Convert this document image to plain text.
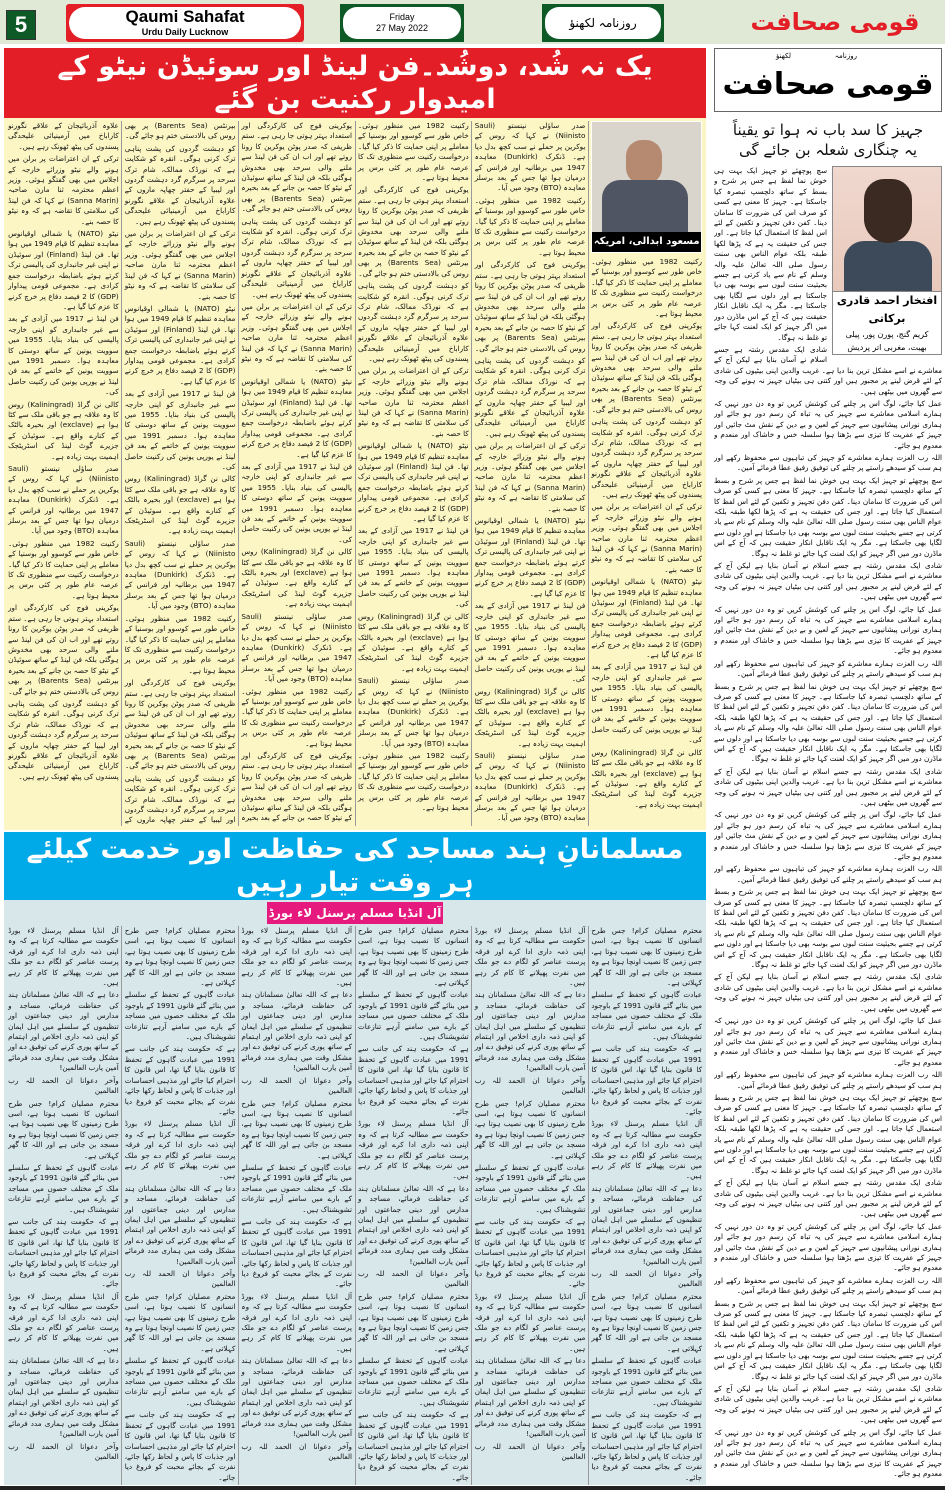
5	Qaumi Sahafat
Urdu Daily Lucknow
Friday
27 May 2022	روزنامہ لکھنؤ	قومی صحافت
یک نہ شُد، دوشُد۔فن لینڈ اور سوئیڈن نیٹو کے امیدوار رکنیت بن گئے
مسعود ابدالی، امریکہ

رکنیت 1982 میں منظور ہوئی۔ خاص طور سے کوسوو اور بوسنیا کے معاملے پر اپنی حمایت کا ذکر کیا گیا۔ درخواست رکنیت سے منظوری تک کا عرصہ عام طور پر کئی برس پر محیط ہوتا ہے۔

یوکرینی فوج کی کارکردگی اور استعداد بہتر ہوتی جا رہی ہے۔ ستم ظریفی کہ صدر پوٹن یوکرین کا رونا روتے تھے اور اب ان کی فن لینڈ سے ملنے والی سرحد بھی مخدوش ہوگئی بلکہ فن لینڈ کے ساتھ سوئیڈن کے نیٹو کا حصہ بن جانے کے بعد بحیرہ بیرنٹس (Barents Sea) پر بھی روس کی بالادستی ختم ہو جائے گی۔

کو دہشت گردوں کی پشت پناہی ترک کرنی ہوگی۔ انقرہ کو شکایت ہے کہ نورڈک ممالک، شام ترک سرحد پر سرگرم گرد دہشت گردوں اور لیبیا کے حفتر چھاپہ ماروں کے علاوہ آذربائیجان کے علاقے نگورنو کاراباخ میں آرمینیائی علیحدگی پسندوں کی پیٹھ ٹھونک رہے ہیں۔

ترکی کے ان اعتراضات پر برلن میں ہونے والے نیٹو وزرائے خارجہ کے اجلاس میں بھی گفتگو ہوئی۔ وزیر اعظم محترمہ ثنا مارن صاحبہ (Sanna Marin) نے کہا کہ فن لینڈ کی سلامتی کا تقاضہ ہے کہ وہ نیٹو کا حصہ بنے۔

نیٹو (NATO) یا شمالی اوقیانوس معاہدہ تنظیم کا قیام 1949 میں ہوا تھا۔ فن لینڈ (Finland) اور سوئیڈن نے اپنی غیر جانبداری کی پالیسی ترک کرتے ہوئے باضابطہ درخواست جمع کرادی ہے۔ مجموعی قومی پیداوار (GDP) کا 2 فیصد دفاع پر خرچ کرنے کا عزم کیا گیا ہے۔

فن لینڈ نے 1917 میں آزادی کے بعد سے غیر جانبداری کو اپنی خارجہ پالیسی کی بنیاد بنایا۔ 1955 میں سوویت یونین کے ساتھ دوستی کا معاہدہ ہوا۔ دسمبر 1991 میں سوویت یونین کے خاتمے کے بعد فن لینڈ نے یورپی یونین کی رکنیت حاصل کی۔

کالی نن گراڈ (Kaliningrad) روس کا وہ علاقہ ہے جو باقی ملک سے کٹا ہوا ہے (exclave) اور بحیرہ بالٹک کے کنارے واقع ہے۔ سوئیڈن کے جزیرے گوٹ لینڈ کی اسٹریٹجک اہمیت بہت زیادہ ہے۔

صدر ساؤلی نینستو (Sauli Niinisto) نے کہا کہ روس کے یوکرین پر حملے نے سب کچھ بدل دیا ہے۔ ڈنکرک (Dunkirk) معاہدہ 1947 میں برطانیہ اور فرانس کے درمیان ہوا تھا جس کے بعد برسلز معاہدہ (BTO) وجود میں آیا۔

رکنیت 1982 میں منظور ہوئی۔ خاص طور سے کوسوو اور بوسنیا کے معاملے پر اپنی حمایت کا ذکر کیا گیا۔ درخواست رکنیت سے منظوری تک کا عرصہ عام طور پر کئی برس پر محیط ہوتا ہے۔

یوکرینی فوج کی کارکردگی اور استعداد بہتر ہوتی جا رہی ہے۔ ستم ظریفی کہ صدر پوٹن یوکرین کا رونا روتے تھے اور اب ان کی فن لینڈ سے ملنے والی سرحد بھی مخدوش ہوگئی بلکہ فن لینڈ کے ساتھ سوئیڈن کے نیٹو کا حصہ بن جانے کے بعد بحیرہ بیرنٹس (Barents Sea) پر بھی روس کی بالادستی ختم ہو جائے گی۔

کو دہشت گردوں کی پشت پناہی ترک کرنی ہوگی۔ انقرہ کو شکایت ہے کہ نورڈک ممالک، شام ترک سرحد پر سرگرم گرد دہشت گردوں اور لیبیا کے حفتر چھاپہ ماروں کے علاوہ آذربائیجان کے علاقے نگورنو کاراباخ میں آرمینیائی علیحدگی پسندوں کی پیٹھ ٹھونک رہے ہیں۔

ترکی کے ان اعتراضات پر برلن میں ہونے والے نیٹو وزرائے خارجہ کے اجلاس میں بھی گفتگو ہوئی۔ وزیر اعظم محترمہ ثنا مارن صاحبہ (Sanna Marin) نے کہا کہ فن لینڈ کی سلامتی کا تقاضہ ہے کہ وہ نیٹو کا حصہ بنے۔

نیٹو (NATO) یا شمالی اوقیانوس معاہدہ تنظیم کا قیام 1949 میں ہوا تھا۔ فن لینڈ (Finland) اور سوئیڈن نے اپنی غیر جانبداری کی پالیسی ترک کرتے ہوئے باضابطہ درخواست جمع کرادی ہے۔ مجموعی قومی پیداوار (GDP) کا 2 فیصد دفاع پر خرچ کرنے کا عزم کیا گیا ہے۔

فن لینڈ نے 1917 میں آزادی کے بعد سے غیر جانبداری کو اپنی خارجہ پالیسی کی بنیاد بنایا۔ 1955 میں سوویت یونین کے ساتھ دوستی کا معاہدہ ہوا۔ دسمبر 1991 میں سوویت یونین کے خاتمے کے بعد فن لینڈ نے یورپی یونین کی رکنیت حاصل کی۔

کالی نن گراڈ (Kaliningrad) روس کا وہ علاقہ ہے جو باقی ملک سے کٹا ہوا ہے (exclave) اور بحیرہ بالٹک کے کنارے واقع ہے۔ سوئیڈن کے جزیرے گوٹ لینڈ کی اسٹریٹجک اہمیت بہت زیادہ ہے۔

صدر ساؤلی نینستو (Sauli Niinisto) نے کہا کہ روس کے یوکرین پر حملے نے سب کچھ بدل دیا ہے۔ ڈنکرک (Dunkirk) معاہدہ 1947 میں برطانیہ اور فرانس کے درمیان ہوا تھا جس کے بعد برسلز معاہدہ (BTO) وجود میں آیا۔

رکنیت 1982 میں منظور ہوئی۔ خاص طور سے کوسوو اور بوسنیا کے معاملے پر اپنی حمایت کا ذکر کیا گیا۔ درخواست رکنیت سے منظوری تک کا عرصہ عام طور پر کئی برس پر محیط ہوتا ہے۔

یوکرینی فوج کی کارکردگی اور استعداد بہتر ہوتی جا رہی ہے۔ ستم ظریفی کہ صدر پوٹن یوکرین کا رونا روتے تھے اور اب ان کی فن لینڈ سے ملنے والی سرحد بھی مخدوش ہوگئی بلکہ فن لینڈ کے ساتھ سوئیڈن کے نیٹو کا حصہ بن جانے کے بعد بحیرہ بیرنٹس (Barents Sea) پر بھی روس کی بالادستی ختم ہو جائے گی۔

کو دہشت گردوں کی پشت پناہی ترک کرنی ہوگی۔ انقرہ کو شکایت ہے کہ نورڈک ممالک، شام ترک سرحد پر سرگرم گرد دہشت گردوں اور لیبیا کے حفتر چھاپہ ماروں کے علاوہ آذربائیجان کے علاقے نگورنو کاراباخ میں آرمینیائی علیحدگی پسندوں کی پیٹھ ٹھونک رہے ہیں۔

ترکی کے ان اعتراضات پر برلن میں ہونے والے نیٹو وزرائے خارجہ کے اجلاس میں بھی گفتگو ہوئی۔ وزیر اعظم محترمہ ثنا مارن صاحبہ (Sanna Marin) نے کہا کہ فن لینڈ کی سلامتی کا تقاضہ ہے کہ وہ نیٹو کا حصہ بنے۔

نیٹو (NATO) یا شمالی اوقیانوس معاہدہ تنظیم کا قیام 1949 میں ہوا تھا۔ فن لینڈ (Finland) اور سوئیڈن نے اپنی غیر جانبداری کی پالیسی ترک کرتے ہوئے باضابطہ درخواست جمع کرادی ہے۔ مجموعی قومی پیداوار (GDP) کا 2 فیصد دفاع پر خرچ کرنے کا عزم کیا گیا ہے۔

فن لینڈ نے 1917 میں آزادی کے بعد سے غیر جانبداری کو اپنی خارجہ پالیسی کی بنیاد بنایا۔ 1955 میں سوویت یونین کے ساتھ دوستی کا معاہدہ ہوا۔ دسمبر 1991 میں سوویت یونین کے خاتمے کے بعد فن لینڈ نے یورپی یونین کی رکنیت حاصل کی۔

کالی نن گراڈ (Kaliningrad) روس کا وہ علاقہ ہے جو باقی ملک سے کٹا ہوا ہے (exclave) اور بحیرہ بالٹک کے کنارے واقع ہے۔ سوئیڈن کے جزیرے گوٹ لینڈ کی اسٹریٹجک اہمیت بہت زیادہ ہے۔

صدر ساؤلی نینستو (Sauli Niinisto) نے کہا کہ روس کے یوکرین پر حملے نے سب کچھ بدل دیا ہے۔ ڈنکرک (Dunkirk) معاہدہ 1947 میں برطانیہ اور فرانس کے درمیان ہوا تھا جس کے بعد برسلز معاہدہ (BTO) وجود میں آیا۔

رکنیت 1982 میں منظور ہوئی۔ خاص طور سے کوسوو اور بوسنیا کے معاملے پر اپنی حمایت کا ذکر کیا گیا۔ درخواست رکنیت سے منظوری تک کا عرصہ عام طور پر کئی برس پر محیط ہوتا ہے۔

یوکرینی فوج کی کارکردگی اور استعداد بہتر ہوتی جا رہی ہے۔ ستم ظریفی کہ صدر پوٹن یوکرین کا رونا روتے تھے اور اب ان کی فن لینڈ سے ملنے والی سرحد بھی مخدوش ہوگئی بلکہ فن لینڈ کے ساتھ سوئیڈن کے نیٹو کا حصہ بن جانے کے بعد بحیرہ بیرنٹس (Barents Sea) پر بھی روس کی بالادستی ختم ہو جائے گی۔

کو دہشت گردوں کی پشت پناہی ترک کرنی ہوگی۔ انقرہ کو شکایت ہے کہ نورڈک ممالک، شام ترک سرحد پر سرگرم گرد دہشت گردوں اور لیبیا کے حفتر چھاپہ ماروں کے علاوہ آذربائیجان کے علاقے نگورنو کاراباخ میں آرمینیائی علیحدگی پسندوں کی پیٹھ ٹھونک رہے ہیں۔

ترکی کے ان اعتراضات پر برلن میں ہونے والے نیٹو وزرائے خارجہ کے اجلاس میں بھی گفتگو ہوئی۔ وزیر اعظم محترمہ ثنا مارن صاحبہ (Sanna Marin) نے کہا کہ فن لینڈ کی سلامتی کا تقاضہ ہے کہ وہ نیٹو کا حصہ بنے۔

نیٹو (NATO) یا شمالی اوقیانوس معاہدہ تنظیم کا قیام 1949 میں ہوا تھا۔ فن لینڈ (Finland) اور سوئیڈن نے اپنی غیر جانبداری کی پالیسی ترک کرتے ہوئے باضابطہ درخواست جمع کرادی ہے۔ مجموعی قومی پیداوار (GDP) کا 2 فیصد دفاع پر خرچ کرنے کا عزم کیا گیا ہے۔

فن لینڈ نے 1917 میں آزادی کے بعد سے غیر جانبداری کو اپنی خارجہ پالیسی کی بنیاد بنایا۔ 1955 میں سوویت یونین کے ساتھ دوستی کا معاہدہ ہوا۔ دسمبر 1991 میں سوویت یونین کے خاتمے کے بعد فن لینڈ نے یورپی یونین کی رکنیت حاصل کی۔

کالی نن گراڈ (Kaliningrad) روس کا وہ علاقہ ہے جو باقی ملک سے کٹا ہوا ہے (exclave) اور بحیرہ بالٹک کے کنارے واقع ہے۔ سوئیڈن کے جزیرے گوٹ لینڈ کی اسٹریٹجک اہمیت بہت زیادہ ہے۔

صدر ساؤلی نینستو (Sauli Niinisto) نے کہا کہ روس کے یوکرین پر حملے نے سب کچھ بدل دیا ہے۔ ڈنکرک (Dunkirk) معاہدہ 1947 میں برطانیہ اور فرانس کے درمیان ہوا تھا جس کے بعد برسلز معاہدہ (BTO) وجود میں آیا۔

رکنیت 1982 میں منظور ہوئی۔ خاص طور سے کوسوو اور بوسنیا کے معاملے پر اپنی حمایت کا ذکر کیا گیا۔ درخواست رکنیت سے منظوری تک کا عرصہ عام طور پر کئی برس پر محیط ہوتا ہے۔

یوکرینی فوج کی کارکردگی اور استعداد بہتر ہوتی جا رہی ہے۔ ستم ظریفی کہ صدر پوٹن یوکرین کا رونا روتے تھے اور اب ان کی فن لینڈ سے ملنے والی سرحد بھی مخدوش ہوگئی بلکہ فن لینڈ کے ساتھ سوئیڈن کے نیٹو کا حصہ بن جانے کے بعد بحیرہ بیرنٹس (Barents Sea) پر بھی روس کی بالادستی ختم ہو جائے گی۔

کو دہشت گردوں کی پشت پناہی ترک کرنی ہوگی۔ انقرہ کو شکایت ہے کہ نورڈک ممالک، شام ترک سرحد پر سرگرم گرد دہشت گردوں اور لیبیا کے حفتر چھاپہ ماروں کے علاوہ آذربائیجان کے علاقے نگورنو کاراباخ میں آرمینیائی علیحدگی پسندوں کی پیٹھ ٹھونک رہے ہیں۔

ترکی کے ان اعتراضات پر برلن میں ہونے والے نیٹو وزرائے خارجہ کے اجلاس میں بھی گفتگو ہوئی۔ وزیر اعظم محترمہ ثنا مارن صاحبہ (Sanna Marin) نے کہا کہ فن لینڈ کی سلامتی کا تقاضہ ہے کہ وہ نیٹو کا حصہ بنے۔

نیٹو (NATO) یا شمالی اوقیانوس معاہدہ تنظیم کا قیام 1949 میں ہوا تھا۔ فن لینڈ (Finland) اور سوئیڈن نے اپنی غیر جانبداری کی پالیسی ترک کرتے ہوئے باضابطہ درخواست جمع کرادی ہے۔ مجموعی قومی پیداوار (GDP) کا 2 فیصد دفاع پر خرچ کرنے کا عزم کیا گیا ہے۔

فن لینڈ نے 1917 میں آزادی کے بعد سے غیر جانبداری کو اپنی خارجہ پالیسی کی بنیاد بنایا۔ 1955 میں سوویت یونین کے ساتھ دوستی کا معاہدہ ہوا۔ دسمبر 1991 میں سوویت یونین کے خاتمے کے بعد فن لینڈ نے یورپی یونین کی رکنیت حاصل کی۔

کالی نن گراڈ (Kaliningrad) روس کا وہ علاقہ ہے جو باقی ملک سے کٹا ہوا ہے (exclave) اور بحیرہ بالٹک کے کنارے واقع ہے۔ سوئیڈن کے جزیرے گوٹ لینڈ کی اسٹریٹجک اہمیت بہت زیادہ ہے۔

صدر ساؤلی نینستو (Sauli Niinisto) نے کہا کہ روس کے یوکرین پر حملے نے سب کچھ بدل دیا ہے۔ ڈنکرک (Dunkirk) معاہدہ 1947 میں برطانیہ اور فرانس کے درمیان ہوا تھا جس کے بعد برسلز معاہدہ (BTO) وجود میں آیا۔

رکنیت 1982 میں منظور ہوئی۔ خاص طور سے کوسوو اور بوسنیا کے معاملے پر اپنی حمایت کا ذکر کیا گیا۔ درخواست رکنیت سے منظوری تک کا عرصہ عام طور پر کئی برس پر محیط ہوتا ہے۔

یوکرینی فوج کی کارکردگی اور استعداد بہتر ہوتی جا رہی ہے۔ ستم ظریفی کہ صدر پوٹن یوکرین کا رونا روتے تھے اور اب ان کی فن لینڈ سے ملنے والی سرحد بھی مخدوش ہوگئی بلکہ فن لینڈ کے ساتھ سوئیڈن کے نیٹو کا حصہ بن جانے کے بعد بحیرہ بیرنٹس (Barents Sea) پر بھی روس کی بالادستی ختم ہو جائے گی۔

کو دہشت گردوں کی پشت پناہی ترک کرنی ہوگی۔ انقرہ کو شکایت ہے کہ نورڈک ممالک، شام ترک سرحد پر سرگرم گرد دہشت گردوں اور لیبیا کے حفتر چھاپہ ماروں کے علاوہ آذربائیجان کے علاقے نگورنو کاراباخ میں آرمینیائی علیحدگی پسندوں کی پیٹھ ٹھونک رہے ہیں۔

ترکی کے ان اعتراضات پر برلن میں ہونے والے نیٹو وزرائے خارجہ کے اجلاس میں بھی گفتگو ہوئی۔ وزیر اعظم محترمہ ثنا مارن صاحبہ (Sanna Marin) نے کہا کہ فن لینڈ کی سلامتی کا تقاضہ ہے کہ وہ نیٹو کا حصہ بنے۔

نیٹو (NATO) یا شمالی اوقیانوس معاہدہ تنظیم کا قیام 1949 میں ہوا تھا۔ فن لینڈ (Finland) اور سوئیڈن نے اپنی غیر جانبداری کی پالیسی ترک کرتے ہوئے باضابطہ درخواست جمع کرادی ہے۔ مجموعی قومی پیداوار (GDP) کا 2 فیصد دفاع پر خرچ کرنے کا عزم کیا گیا ہے۔

فن لینڈ نے 1917 میں آزادی کے بعد سے غیر جانبداری کو اپنی خارجہ پالیسی کی بنیاد بنایا۔ 1955 میں سوویت یونین کے ساتھ دوستی کا معاہدہ ہوا۔ دسمبر 1991 میں سوویت یونین کے خاتمے کے بعد فن لینڈ نے یورپی یونین کی رکنیت حاصل کی۔

کالی نن گراڈ (Kaliningrad) روس کا وہ علاقہ ہے جو باقی ملک سے کٹا ہوا ہے (exclave) اور بحیرہ بالٹک کے کنارے واقع ہے۔ سوئیڈن کے جزیرے گوٹ لینڈ کی اسٹریٹجک اہمیت بہت زیادہ ہے۔

صدر ساؤلی نینستو (Sauli Niinisto) نے کہا کہ روس کے یوکرین پر حملے نے سب کچھ بدل دیا ہے۔ ڈنکرک (Dunkirk) معاہدہ 1947 میں برطانیہ اور فرانس کے درمیان ہوا تھا جس کے بعد برسلز معاہدہ (BTO) وجود میں آیا۔

رکنیت 1982 میں منظور ہوئی۔ خاص طور سے کوسوو اور بوسنیا کے معاملے پر اپنی حمایت کا ذکر کیا گیا۔ درخواست رکنیت سے منظوری تک کا عرصہ عام طور پر کئی برس پر محیط ہوتا ہے۔

یوکرینی فوج کی کارکردگی اور استعداد بہتر ہوتی جا رہی ہے۔ ستم ظریفی کہ صدر پوٹن یوکرین کا رونا روتے تھے اور اب ان کی فن لینڈ سے ملنے والی سرحد بھی مخدوش ہوگئی بلکہ فن لینڈ کے ساتھ سوئیڈن کے نیٹو کا حصہ بن جانے کے بعد بحیرہ بیرنٹس (Barents Sea) پر بھی روس کی بالادستی ختم ہو جائے گی۔

کو دہشت گردوں کی پشت پناہی ترک کرنی ہوگی۔ انقرہ کو شکایت ہے کہ نورڈک ممالک، شام ترک سرحد پر سرگرم گرد دہشت گردوں اور لیبیا کے حفتر چھاپہ ماروں کے علاوہ آذربائیجان کے علاقے نگورنو کاراباخ میں آرمینیائی علیحدگی پسندوں کی پیٹھ ٹھونک رہے ہیں۔

مسلمانانِ ہند مساجد کی حفاظت اور خدمت کیلئے ہر وقت تیار رہیں
آل انڈیا مسلم پرسنل لاء بورڈ

محترم مصلیان کرام! جس طرح انسانوں کا نصیب ہوتا ہے، اسی طرح زمینوں کا بھی نصیب ہوتا ہے، جس زمین کا نصیب اونچا ہوتا ہے وہ مسجد بن جاتی ہے اور اللہ کا گھر کہلاتی ہے۔

عبادت گاہوں کے تحفظ کے سلسلے میں بنائے گئے قانون 1991 کے باوجود ملک کے مختلف حصوں میں مساجد کے بارے میں سامنے آرہے تنازعات تشویشناک ہیں۔

ہے کہ حکومت ہند کی جانب سے 1991 میں عبادت گاہوں کے تحفظ کا قانون بنایا گیا تھا، اس قانون کا احترام کیا جائے اور مذہبی احساسات اور جذبات کا پاس و لحاظ رکھا جائے، نفرت کے بجائے محبت کو فروغ دیا جائے۔

آل انڈیا مسلم پرسنل لاء بورڈ حکومت سے مطالبہ کرتا ہے کہ وہ اپنی ذمہ داری ادا کرے اور فرقہ پرست عناصر کو لگام دے جو ملک میں نفرت پھیلانے کا کام کر رہے ہیں۔

دعا ہے کہ اللہ تعالیٰ مسلمانان ہند کی حفاظت فرمائے، مساجد و مدارس اور دینی جماعتوں اور تنظیموں کے سلسلے میں اہل ایمان کو اپنی ذمہ داری اخلاص اور اہتمام کے ساتھ پوری کرنے کی توفیق دے اور مشکل وقت میں ہماری مدد فرمائے آمین یارب العالمین!

وآخر دعوانا ان الحمد للہ رب العالمین

محترم مصلیان کرام! جس طرح انسانوں کا نصیب ہوتا ہے، اسی طرح زمینوں کا بھی نصیب ہوتا ہے، جس زمین کا نصیب اونچا ہوتا ہے وہ مسجد بن جاتی ہے اور اللہ کا گھر کہلاتی ہے۔

عبادت گاہوں کے تحفظ کے سلسلے میں بنائے گئے قانون 1991 کے باوجود ملک کے مختلف حصوں میں مساجد کے بارے میں سامنے آرہے تنازعات تشویشناک ہیں۔

ہے کہ حکومت ہند کی جانب سے 1991 میں عبادت گاہوں کے تحفظ کا قانون بنایا گیا تھا، اس قانون کا احترام کیا جائے اور مذہبی احساسات اور جذبات کا پاس و لحاظ رکھا جائے، نفرت کے بجائے محبت کو فروغ دیا جائے۔

آل انڈیا مسلم پرسنل لاء بورڈ حکومت سے مطالبہ کرتا ہے کہ وہ اپنی ذمہ داری ادا کرے اور فرقہ پرست عناصر کو لگام دے جو ملک میں نفرت پھیلانے کا کام کر رہے ہیں۔

دعا ہے کہ اللہ تعالیٰ مسلمانان ہند کی حفاظت فرمائے، مساجد و مدارس اور دینی جماعتوں اور تنظیموں کے سلسلے میں اہل ایمان کو اپنی ذمہ داری اخلاص اور اہتمام کے ساتھ پوری کرنے کی توفیق دے اور مشکل وقت میں ہماری مدد فرمائے آمین یارب العالمین!

وآخر دعوانا ان الحمد للہ رب العالمین

محترم مصلیان کرام! جس طرح انسانوں کا نصیب ہوتا ہے، اسی طرح زمینوں کا بھی نصیب ہوتا ہے، جس زمین کا نصیب اونچا ہوتا ہے وہ مسجد بن جاتی ہے اور اللہ کا گھر کہلاتی ہے۔

عبادت گاہوں کے تحفظ کے سلسلے میں بنائے گئے قانون 1991 کے باوجود ملک کے مختلف حصوں میں مساجد کے بارے میں سامنے آرہے تنازعات تشویشناک ہیں۔

ہے کہ حکومت ہند کی جانب سے 1991 میں عبادت گاہوں کے تحفظ کا قانون بنایا گیا تھا، اس قانون کا احترام کیا جائے اور مذہبی احساسات اور جذبات کا پاس و لحاظ رکھا جائے، نفرت کے بجائے محبت کو فروغ دیا جائے۔

آل انڈیا مسلم پرسنل لاء بورڈ حکومت سے مطالبہ کرتا ہے کہ وہ اپنی ذمہ داری ادا کرے اور فرقہ پرست عناصر کو لگام دے جو ملک میں نفرت پھیلانے کا کام کر رہے ہیں۔

دعا ہے کہ اللہ تعالیٰ مسلمانان ہند کی حفاظت فرمائے، مساجد و مدارس اور دینی جماعتوں اور تنظیموں کے سلسلے میں اہل ایمان کو اپنی ذمہ داری اخلاص اور اہتمام کے ساتھ پوری کرنے کی توفیق دے اور مشکل وقت میں ہماری مدد فرمائے آمین یارب العالمین!

وآخر دعوانا ان الحمد للہ رب العالمین

محترم مصلیان کرام! جس طرح انسانوں کا نصیب ہوتا ہے، اسی طرح زمینوں کا بھی نصیب ہوتا ہے، جس زمین کا نصیب اونچا ہوتا ہے وہ مسجد بن جاتی ہے اور اللہ کا گھر کہلاتی ہے۔

عبادت گاہوں کے تحفظ کے سلسلے میں بنائے گئے قانون 1991 کے باوجود ملک کے مختلف حصوں میں مساجد کے بارے میں سامنے آرہے تنازعات تشویشناک ہیں۔

ہے کہ حکومت ہند کی جانب سے 1991 میں عبادت گاہوں کے تحفظ کا قانون بنایا گیا تھا، اس قانون کا احترام کیا جائے اور مذہبی احساسات اور جذبات کا پاس و لحاظ رکھا جائے، نفرت کے بجائے محبت کو فروغ دیا جائے۔

آل انڈیا مسلم پرسنل لاء بورڈ حکومت سے مطالبہ کرتا ہے کہ وہ اپنی ذمہ داری ادا کرے اور فرقہ پرست عناصر کو لگام دے جو ملک میں نفرت پھیلانے کا کام کر رہے ہیں۔

دعا ہے کہ اللہ تعالیٰ مسلمانان ہند کی حفاظت فرمائے، مساجد و مدارس اور دینی جماعتوں اور تنظیموں کے سلسلے میں اہل ایمان کو اپنی ذمہ داری اخلاص اور اہتمام کے ساتھ پوری کرنے کی توفیق دے اور مشکل وقت میں ہماری مدد فرمائے آمین یارب العالمین!

وآخر دعوانا ان الحمد للہ رب العالمین

محترم مصلیان کرام! جس طرح انسانوں کا نصیب ہوتا ہے، اسی طرح زمینوں کا بھی نصیب ہوتا ہے، جس زمین کا نصیب اونچا ہوتا ہے وہ مسجد بن جاتی ہے اور اللہ کا گھر کہلاتی ہے۔

عبادت گاہوں کے تحفظ کے سلسلے میں بنائے گئے قانون 1991 کے باوجود ملک کے مختلف حصوں میں مساجد کے بارے میں سامنے آرہے تنازعات تشویشناک ہیں۔

ہے کہ حکومت ہند کی جانب سے 1991 میں عبادت گاہوں کے تحفظ کا قانون بنایا گیا تھا، اس قانون کا احترام کیا جائے اور مذہبی احساسات اور جذبات کا پاس و لحاظ رکھا جائے، نفرت کے بجائے محبت کو فروغ دیا جائے۔

آل انڈیا مسلم پرسنل لاء بورڈ حکومت سے مطالبہ کرتا ہے کہ وہ اپنی ذمہ داری ادا کرے اور فرقہ پرست عناصر کو لگام دے جو ملک میں نفرت پھیلانے کا کام کر رہے ہیں۔

دعا ہے کہ اللہ تعالیٰ مسلمانان ہند کی حفاظت فرمائے، مساجد و مدارس اور دینی جماعتوں اور تنظیموں کے سلسلے میں اہل ایمان کو اپنی ذمہ داری اخلاص اور اہتمام کے ساتھ پوری کرنے کی توفیق دے اور مشکل وقت میں ہماری مدد فرمائے آمین یارب العالمین!

وآخر دعوانا ان الحمد للہ رب العالمین

محترم مصلیان کرام! جس طرح انسانوں کا نصیب ہوتا ہے، اسی طرح زمینوں کا بھی نصیب ہوتا ہے، جس زمین کا نصیب اونچا ہوتا ہے وہ مسجد بن جاتی ہے اور اللہ کا گھر کہلاتی ہے۔

عبادت گاہوں کے تحفظ کے سلسلے میں بنائے گئے قانون 1991 کے باوجود ملک کے مختلف حصوں میں مساجد کے بارے میں سامنے آرہے تنازعات تشویشناک ہیں۔

ہے کہ حکومت ہند کی جانب سے 1991 میں عبادت گاہوں کے تحفظ کا قانون بنایا گیا تھا، اس قانون کا احترام کیا جائے اور مذہبی احساسات اور جذبات کا پاس و لحاظ رکھا جائے، نفرت کے بجائے محبت کو فروغ دیا جائے۔

آل انڈیا مسلم پرسنل لاء بورڈ حکومت سے مطالبہ کرتا ہے کہ وہ اپنی ذمہ داری ادا کرے اور فرقہ پرست عناصر کو لگام دے جو ملک میں نفرت پھیلانے کا کام کر رہے ہیں۔

دعا ہے کہ اللہ تعالیٰ مسلمانان ہند کی حفاظت فرمائے، مساجد و مدارس اور دینی جماعتوں اور تنظیموں کے سلسلے میں اہل ایمان کو اپنی ذمہ داری اخلاص اور اہتمام کے ساتھ پوری کرنے کی توفیق دے اور مشکل وقت میں ہماری مدد فرمائے آمین یارب العالمین!

وآخر دعوانا ان الحمد للہ رب العالمین

محترم مصلیان کرام! جس طرح انسانوں کا نصیب ہوتا ہے، اسی طرح زمینوں کا بھی نصیب ہوتا ہے، جس زمین کا نصیب اونچا ہوتا ہے وہ مسجد بن جاتی ہے اور اللہ کا گھر کہلاتی ہے۔

عبادت گاہوں کے تحفظ کے سلسلے میں بنائے گئے قانون 1991 کے باوجود ملک کے مختلف حصوں میں مساجد کے بارے میں سامنے آرہے تنازعات تشویشناک ہیں۔

ہے کہ حکومت ہند کی جانب سے 1991 میں عبادت گاہوں کے تحفظ کا قانون بنایا گیا تھا، اس قانون کا احترام کیا جائے اور مذہبی احساسات اور جذبات کا پاس و لحاظ رکھا جائے، نفرت کے بجائے محبت کو فروغ دیا جائے۔

آل انڈیا مسلم پرسنل لاء بورڈ حکومت سے مطالبہ کرتا ہے کہ وہ اپنی ذمہ داری ادا کرے اور فرقہ پرست عناصر کو لگام دے جو ملک میں نفرت پھیلانے کا کام کر رہے ہیں۔

دعا ہے کہ اللہ تعالیٰ مسلمانان ہند کی حفاظت فرمائے، مساجد و مدارس اور دینی جماعتوں اور تنظیموں کے سلسلے میں اہل ایمان کو اپنی ذمہ داری اخلاص اور اہتمام کے ساتھ پوری کرنے کی توفیق دے اور مشکل وقت میں ہماری مدد فرمائے آمین یارب العالمین!

وآخر دعوانا ان الحمد للہ رب العالمین

محترم مصلیان کرام! جس طرح انسانوں کا نصیب ہوتا ہے، اسی طرح زمینوں کا بھی نصیب ہوتا ہے، جس زمین کا نصیب اونچا ہوتا ہے وہ مسجد بن جاتی ہے اور اللہ کا گھر کہلاتی ہے۔

عبادت گاہوں کے تحفظ کے سلسلے میں بنائے گئے قانون 1991 کے باوجود ملک کے مختلف حصوں میں مساجد کے بارے میں سامنے آرہے تنازعات تشویشناک ہیں۔

ہے کہ حکومت ہند کی جانب سے 1991 میں عبادت گاہوں کے تحفظ کا قانون بنایا گیا تھا، اس قانون کا احترام کیا جائے اور مذہبی احساسات اور جذبات کا پاس و لحاظ رکھا جائے، نفرت کے بجائے محبت کو فروغ دیا جائے۔

آل انڈیا مسلم پرسنل لاء بورڈ حکومت سے مطالبہ کرتا ہے کہ وہ اپنی ذمہ داری ادا کرے اور فرقہ پرست عناصر کو لگام دے جو ملک میں نفرت پھیلانے کا کام کر رہے ہیں۔

دعا ہے کہ اللہ تعالیٰ مسلمانان ہند کی حفاظت فرمائے، مساجد و مدارس اور دینی جماعتوں اور تنظیموں کے سلسلے میں اہل ایمان کو اپنی ذمہ داری اخلاص اور اہتمام کے ساتھ پوری کرنے کی توفیق دے اور مشکل وقت میں ہماری مدد فرمائے آمین یارب العالمین!

وآخر دعوانا ان الحمد للہ رب العالمین

محترم مصلیان کرام! جس طرح انسانوں کا نصیب ہوتا ہے، اسی طرح زمینوں کا بھی نصیب ہوتا ہے، جس زمین کا نصیب اونچا ہوتا ہے وہ مسجد بن جاتی ہے اور اللہ کا گھر کہلاتی ہے۔

عبادت گاہوں کے تحفظ کے سلسلے میں بنائے گئے قانون 1991 کے باوجود ملک کے مختلف حصوں میں مساجد کے بارے میں سامنے آرہے تنازعات تشویشناک ہیں۔

ہے کہ حکومت ہند کی جانب سے 1991 میں عبادت گاہوں کے تحفظ کا قانون بنایا گیا تھا، اس قانون کا احترام کیا جائے اور مذہبی احساسات اور جذبات کا پاس و لحاظ رکھا جائے، نفرت کے بجائے محبت کو فروغ دیا جائے۔

آل انڈیا مسلم پرسنل لاء بورڈ حکومت سے مطالبہ کرتا ہے کہ وہ اپنی ذمہ داری ادا کرے اور فرقہ پرست عناصر کو لگام دے جو ملک میں نفرت پھیلانے کا کام کر رہے ہیں۔

دعا ہے کہ اللہ تعالیٰ مسلمانان ہند کی حفاظت فرمائے، مساجد و مدارس اور دینی جماعتوں اور تنظیموں کے سلسلے میں اہل ایمان کو اپنی ذمہ داری اخلاص اور اہتمام کے ساتھ پوری کرنے کی توفیق دے اور مشکل وقت میں ہماری مدد فرمائے آمین یارب العالمین!

وآخر دعوانا ان الحمد للہ رب العالمین

روزنامہ
لکھنؤ
قومی صحافت
جہیز کا سد باب نہ ہوا تو یقیناً
یہ چنگاری شعلہ بن جائے گی
افتخار احمد قادری برکاتی
کریم گنج، پورن پور، پیلی
بھیت، مغربی اتر پردیش

سچ پوچھئے تو جہیز ایک بہت ہی خوش نما لفظ ہے جس پر شرح و بسط کے ساتھ دلچسپ تبصرہ کیا جاسکتا ہے۔ جہیز کا معنی ہے کسی کو صرف اس کی ضرورت کا سامان دینا۔ کفن دفن تجہیز و تکفین کے لئے اس لفظ کا استعمال کیا جاتا ہے۔ اور جس کی حقیقت یہ ہے کہ پڑھا لکھا طبقہ بلکہ عوام الناس بھی سنت رسول صلی اللہ تعالیٰ علیہ والہ وسلم کے نام سے یاد کرتی ہے جسے بحیثیت سنت لبوں سے بوسہ بھی دیا جاسکتا ہے اور دلوں سے لگایا بھی جاسکتا ہے۔ مگر یہ ایک ناقابل انکار حقیقت ہیں کہ آج کے اس ماڈرن دور میں اگر جہیز کو ایک لعنت کہا جائے تو غلط نہ ہوگا۔

شادی ایک مقدس رشتہ ہے جسے اسلام نے آسان بنایا ہے لیکن آج کے معاشرے نے اسے مشکل ترین بنا دیا ہے۔ غریب والدین اپنی بیٹیوں کی شادی کے لئے قرض لینے پر مجبور ہیں اور کتنی ہی بیٹیاں جہیز نہ ہونے کی وجہ سے گھروں میں بیٹھی ہیں۔

عمل کیا جائے، لوگ اس پر چلنے کی کوشش کریں تو وہ دن دور نہیں کہ ہمارے اسلامی معاشرے سے جہیز کی یہ تباہ کن رسم دور ہو جائے اور ہماری نورانی پیشانیوں سے جہیز کے لعین و بے دین کے نقش مٹ جائیں اور جہیز کے عفریت کا تیزی سے بڑھتا ہوا سلسلہ خس و خاشاک اور منعدم و معدوم ہو جائے۔

اللہ رب العزت ہمارے معاشرے کو جہیز کی تباہیوں سے محفوظ رکھے اور ہم سب کو سیدھے راستے پر چلنے کی توفیق رفیق عطا فرمائے آمین۔

سچ پوچھئے تو جہیز ایک بہت ہی خوش نما لفظ ہے جس پر شرح و بسط کے ساتھ دلچسپ تبصرہ کیا جاسکتا ہے۔ جہیز کا معنی ہے کسی کو صرف اس کی ضرورت کا سامان دینا۔ کفن دفن تجہیز و تکفین کے لئے اس لفظ کا استعمال کیا جاتا ہے۔ اور جس کی حقیقت یہ ہے کہ پڑھا لکھا طبقہ بلکہ عوام الناس بھی سنت رسول صلی اللہ تعالیٰ علیہ والہ وسلم کے نام سے یاد کرتی ہے جسے بحیثیت سنت لبوں سے بوسہ بھی دیا جاسکتا ہے اور دلوں سے لگایا بھی جاسکتا ہے۔ مگر یہ ایک ناقابل انکار حقیقت ہیں کہ آج کے اس ماڈرن دور میں اگر جہیز کو ایک لعنت کہا جائے تو غلط نہ ہوگا۔

شادی ایک مقدس رشتہ ہے جسے اسلام نے آسان بنایا ہے لیکن آج کے معاشرے نے اسے مشکل ترین بنا دیا ہے۔ غریب والدین اپنی بیٹیوں کی شادی کے لئے قرض لینے پر مجبور ہیں اور کتنی ہی بیٹیاں جہیز نہ ہونے کی وجہ سے گھروں میں بیٹھی ہیں۔

عمل کیا جائے، لوگ اس پر چلنے کی کوشش کریں تو وہ دن دور نہیں کہ ہمارے اسلامی معاشرے سے جہیز کی یہ تباہ کن رسم دور ہو جائے اور ہماری نورانی پیشانیوں سے جہیز کے لعین و بے دین کے نقش مٹ جائیں اور جہیز کے عفریت کا تیزی سے بڑھتا ہوا سلسلہ خس و خاشاک اور منعدم و معدوم ہو جائے۔

اللہ رب العزت ہمارے معاشرے کو جہیز کی تباہیوں سے محفوظ رکھے اور ہم سب کو سیدھے راستے پر چلنے کی توفیق رفیق عطا فرمائے آمین۔

سچ پوچھئے تو جہیز ایک بہت ہی خوش نما لفظ ہے جس پر شرح و بسط کے ساتھ دلچسپ تبصرہ کیا جاسکتا ہے۔ جہیز کا معنی ہے کسی کو صرف اس کی ضرورت کا سامان دینا۔ کفن دفن تجہیز و تکفین کے لئے اس لفظ کا استعمال کیا جاتا ہے۔ اور جس کی حقیقت یہ ہے کہ پڑھا لکھا طبقہ بلکہ عوام الناس بھی سنت رسول صلی اللہ تعالیٰ علیہ والہ وسلم کے نام سے یاد کرتی ہے جسے بحیثیت سنت لبوں سے بوسہ بھی دیا جاسکتا ہے اور دلوں سے لگایا بھی جاسکتا ہے۔ مگر یہ ایک ناقابل انکار حقیقت ہیں کہ آج کے اس ماڈرن دور میں اگر جہیز کو ایک لعنت کہا جائے تو غلط نہ ہوگا۔

شادی ایک مقدس رشتہ ہے جسے اسلام نے آسان بنایا ہے لیکن آج کے معاشرے نے اسے مشکل ترین بنا دیا ہے۔ غریب والدین اپنی بیٹیوں کی شادی کے لئے قرض لینے پر مجبور ہیں اور کتنی ہی بیٹیاں جہیز نہ ہونے کی وجہ سے گھروں میں بیٹھی ہیں۔

عمل کیا جائے، لوگ اس پر چلنے کی کوشش کریں تو وہ دن دور نہیں کہ ہمارے اسلامی معاشرے سے جہیز کی یہ تباہ کن رسم دور ہو جائے اور ہماری نورانی پیشانیوں سے جہیز کے لعین و بے دین کے نقش مٹ جائیں اور جہیز کے عفریت کا تیزی سے بڑھتا ہوا سلسلہ خس و خاشاک اور منعدم و معدوم ہو جائے۔

اللہ رب العزت ہمارے معاشرے کو جہیز کی تباہیوں سے محفوظ رکھے اور ہم سب کو سیدھے راستے پر چلنے کی توفیق رفیق عطا فرمائے آمین۔

سچ پوچھئے تو جہیز ایک بہت ہی خوش نما لفظ ہے جس پر شرح و بسط کے ساتھ دلچسپ تبصرہ کیا جاسکتا ہے۔ جہیز کا معنی ہے کسی کو صرف اس کی ضرورت کا سامان دینا۔ کفن دفن تجہیز و تکفین کے لئے اس لفظ کا استعمال کیا جاتا ہے۔ اور جس کی حقیقت یہ ہے کہ پڑھا لکھا طبقہ بلکہ عوام الناس بھی سنت رسول صلی اللہ تعالیٰ علیہ والہ وسلم کے نام سے یاد کرتی ہے جسے بحیثیت سنت لبوں سے بوسہ بھی دیا جاسکتا ہے اور دلوں سے لگایا بھی جاسکتا ہے۔ مگر یہ ایک ناقابل انکار حقیقت ہیں کہ آج کے اس ماڈرن دور میں اگر جہیز کو ایک لعنت کہا جائے تو غلط نہ ہوگا۔

شادی ایک مقدس رشتہ ہے جسے اسلام نے آسان بنایا ہے لیکن آج کے معاشرے نے اسے مشکل ترین بنا دیا ہے۔ غریب والدین اپنی بیٹیوں کی شادی کے لئے قرض لینے پر مجبور ہیں اور کتنی ہی بیٹیاں جہیز نہ ہونے کی وجہ سے گھروں میں بیٹھی ہیں۔

عمل کیا جائے، لوگ اس پر چلنے کی کوشش کریں تو وہ دن دور نہیں کہ ہمارے اسلامی معاشرے سے جہیز کی یہ تباہ کن رسم دور ہو جائے اور ہماری نورانی پیشانیوں سے جہیز کے لعین و بے دین کے نقش مٹ جائیں اور جہیز کے عفریت کا تیزی سے بڑھتا ہوا سلسلہ خس و خاشاک اور منعدم و معدوم ہو جائے۔

اللہ رب العزت ہمارے معاشرے کو جہیز کی تباہیوں سے محفوظ رکھے اور ہم سب کو سیدھے راستے پر چلنے کی توفیق رفیق عطا فرمائے آمین۔

سچ پوچھئے تو جہیز ایک بہت ہی خوش نما لفظ ہے جس پر شرح و بسط کے ساتھ دلچسپ تبصرہ کیا جاسکتا ہے۔ جہیز کا معنی ہے کسی کو صرف اس کی ضرورت کا سامان دینا۔ کفن دفن تجہیز و تکفین کے لئے اس لفظ کا استعمال کیا جاتا ہے۔ اور جس کی حقیقت یہ ہے کہ پڑھا لکھا طبقہ بلکہ عوام الناس بھی سنت رسول صلی اللہ تعالیٰ علیہ والہ وسلم کے نام سے یاد کرتی ہے جسے بحیثیت سنت لبوں سے بوسہ بھی دیا جاسکتا ہے اور دلوں سے لگایا بھی جاسکتا ہے۔ مگر یہ ایک ناقابل انکار حقیقت ہیں کہ آج کے اس ماڈرن دور میں اگر جہیز کو ایک لعنت کہا جائے تو غلط نہ ہوگا۔

شادی ایک مقدس رشتہ ہے جسے اسلام نے آسان بنایا ہے لیکن آج کے معاشرے نے اسے مشکل ترین بنا دیا ہے۔ غریب والدین اپنی بیٹیوں کی شادی کے لئے قرض لینے پر مجبور ہیں اور کتنی ہی بیٹیاں جہیز نہ ہونے کی وجہ سے گھروں میں بیٹھی ہیں۔

عمل کیا جائے، لوگ اس پر چلنے کی کوشش کریں تو وہ دن دور نہیں کہ ہمارے اسلامی معاشرے سے جہیز کی یہ تباہ کن رسم دور ہو جائے اور ہماری نورانی پیشانیوں سے جہیز کے لعین و بے دین کے نقش مٹ جائیں اور جہیز کے عفریت کا تیزی سے بڑھتا ہوا سلسلہ خس و خاشاک اور منعدم و معدوم ہو جائے۔

اللہ رب العزت ہمارے معاشرے کو جہیز کی تباہیوں سے محفوظ رکھے اور ہم سب کو سیدھے راستے پر چلنے کی توفیق رفیق عطا فرمائے آمین۔

سچ پوچھئے تو جہیز ایک بہت ہی خوش نما لفظ ہے جس پر شرح و بسط کے ساتھ دلچسپ تبصرہ کیا جاسکتا ہے۔ جہیز کا معنی ہے کسی کو صرف اس کی ضرورت کا سامان دینا۔ کفن دفن تجہیز و تکفین کے لئے اس لفظ کا استعمال کیا جاتا ہے۔ اور جس کی حقیقت یہ ہے کہ پڑھا لکھا طبقہ بلکہ عوام الناس بھی سنت رسول صلی اللہ تعالیٰ علیہ والہ وسلم کے نام سے یاد کرتی ہے جسے بحیثیت سنت لبوں سے بوسہ بھی دیا جاسکتا ہے اور دلوں سے لگایا بھی جاسکتا ہے۔ مگر یہ ایک ناقابل انکار حقیقت ہیں کہ آج کے اس ماڈرن دور میں اگر جہیز کو ایک لعنت کہا جائے تو غلط نہ ہوگا۔

شادی ایک مقدس رشتہ ہے جسے اسلام نے آسان بنایا ہے لیکن آج کے معاشرے نے اسے مشکل ترین بنا دیا ہے۔ غریب والدین اپنی بیٹیوں کی شادی کے لئے قرض لینے پر مجبور ہیں اور کتنی ہی بیٹیاں جہیز نہ ہونے کی وجہ سے گھروں میں بیٹھی ہیں۔

عمل کیا جائے، لوگ اس پر چلنے کی کوشش کریں تو وہ دن دور نہیں کہ ہمارے اسلامی معاشرے سے جہیز کی یہ تباہ کن رسم دور ہو جائے اور ہماری نورانی پیشانیوں سے جہیز کے لعین و بے دین کے نقش مٹ جائیں اور جہیز کے عفریت کا تیزی سے بڑھتا ہوا سلسلہ خس و خاشاک اور منعدم و معدوم ہو جائے۔
